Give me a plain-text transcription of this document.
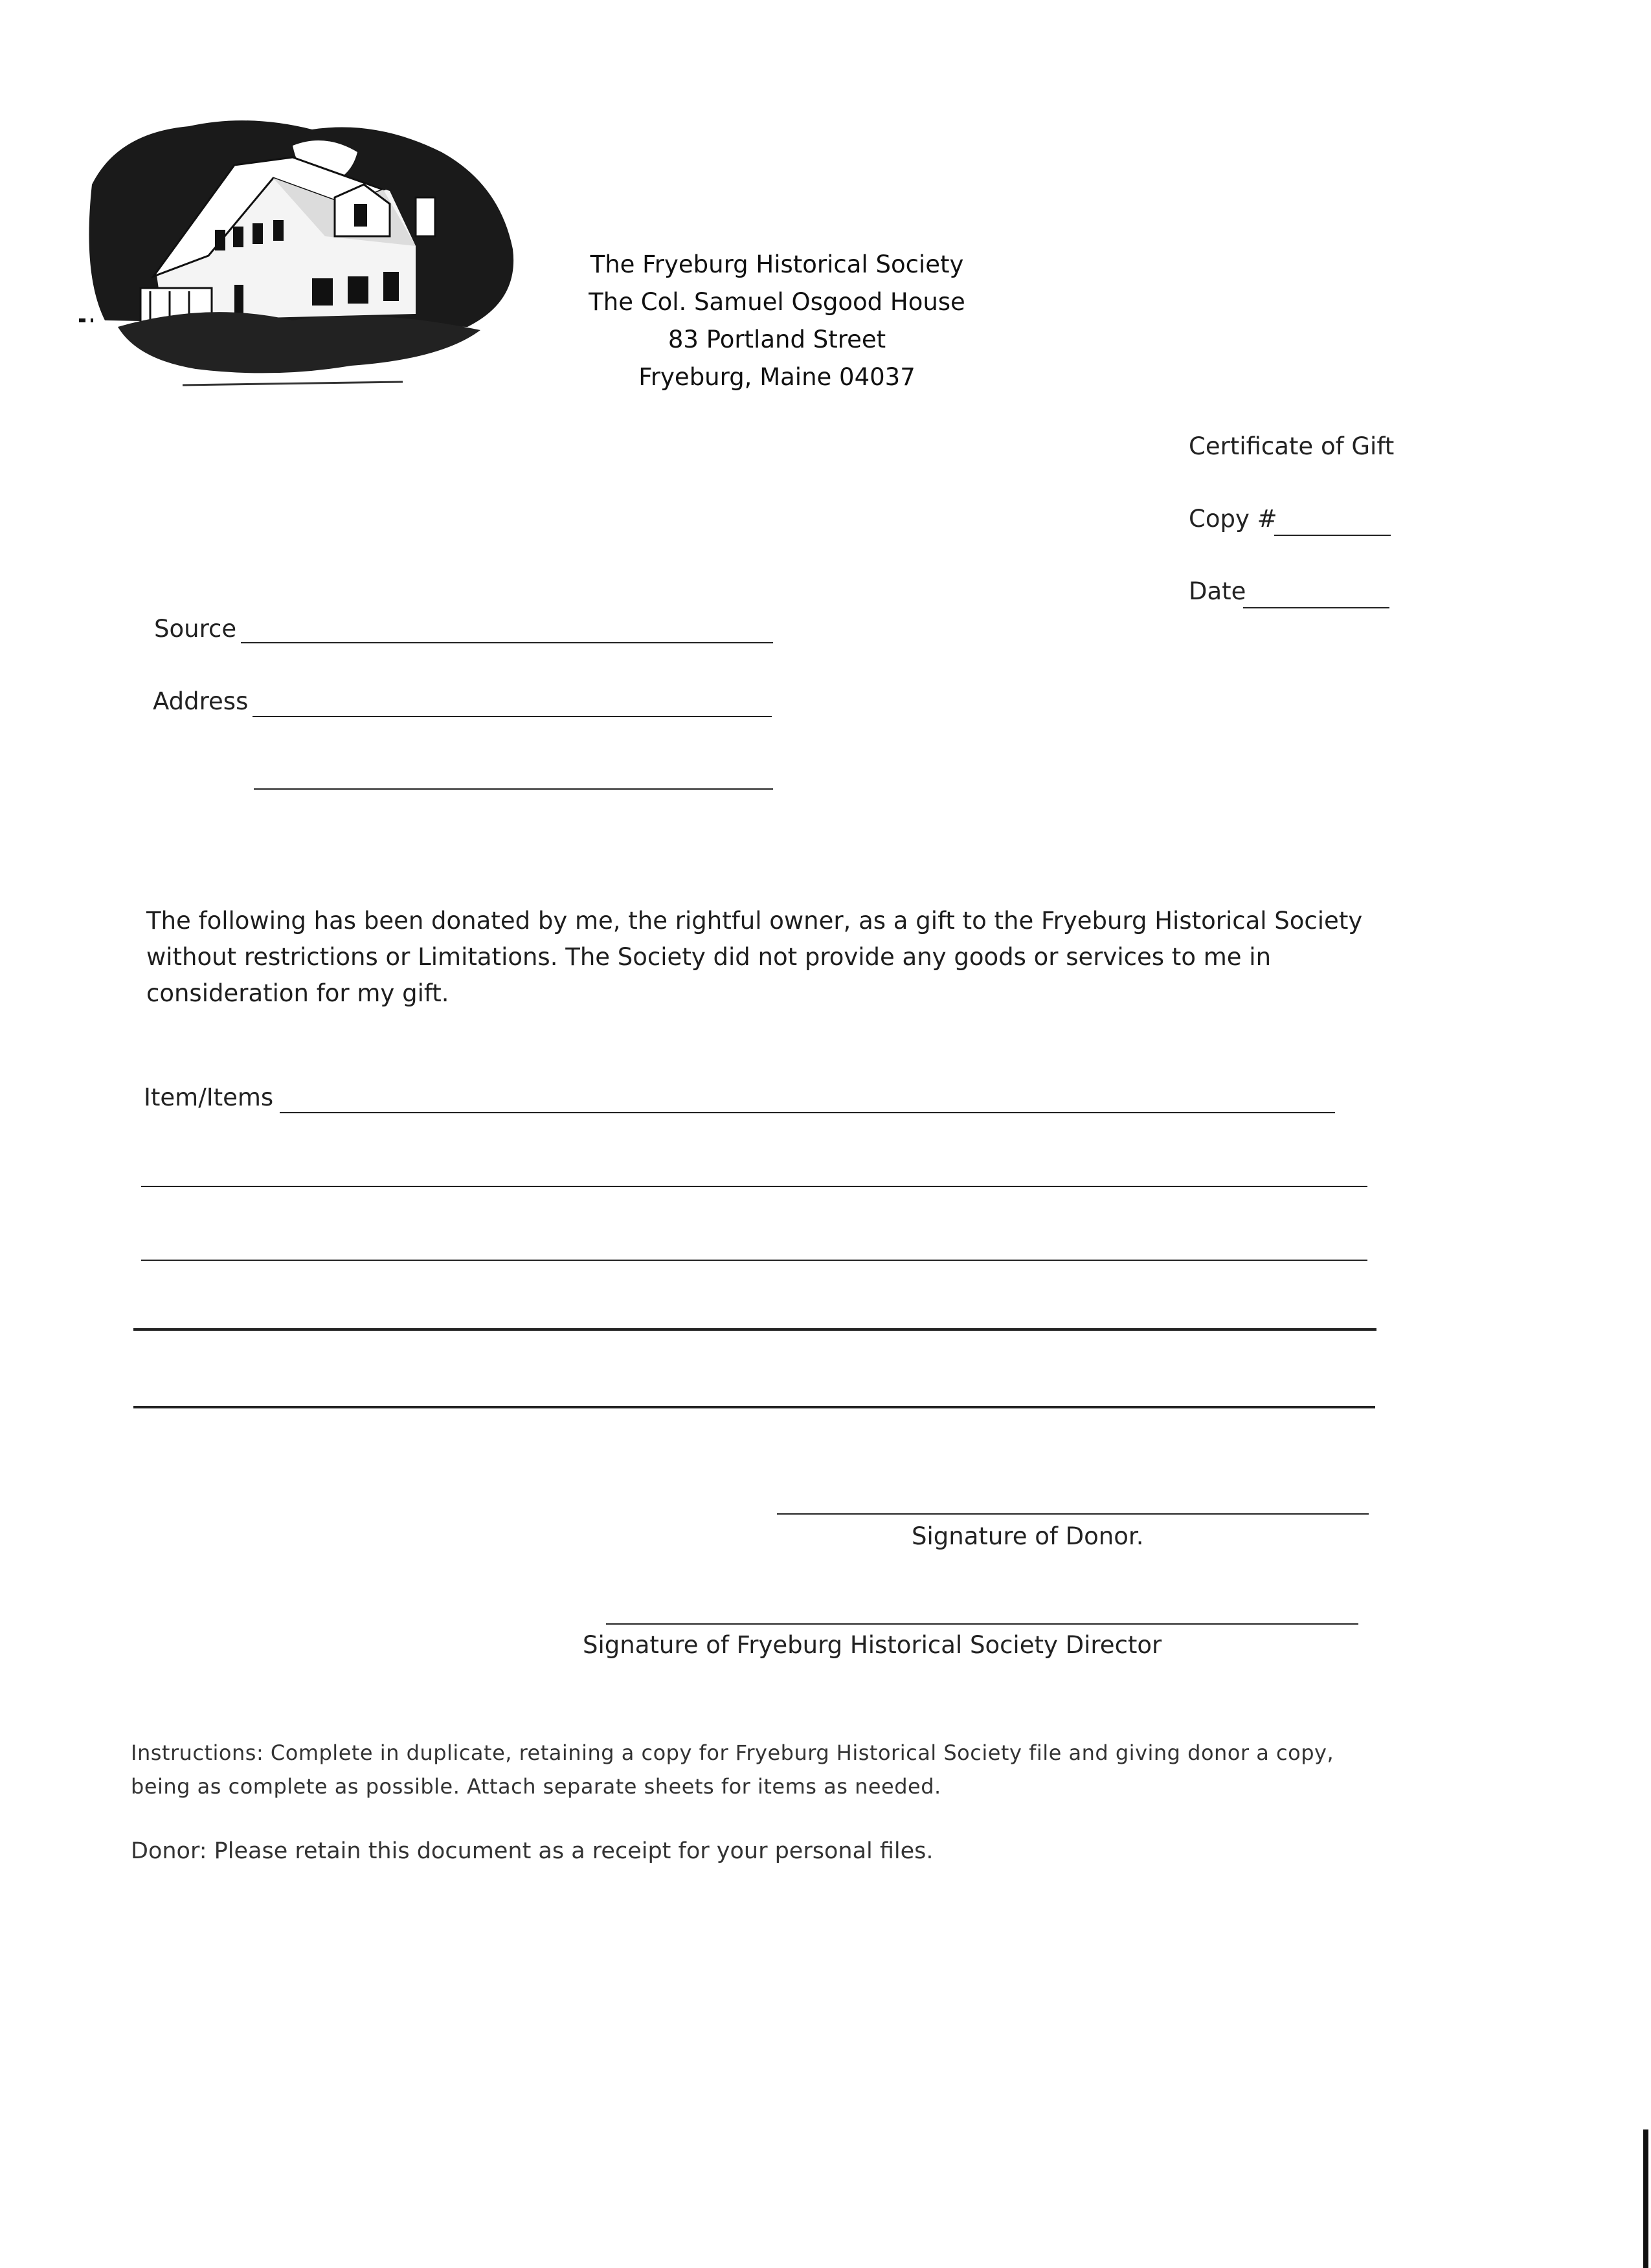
The Fryeburg Historical Society
The Col. Samuel Osgood House
83 Portland Street
Fryeburg, Maine 04037
Certificate of Gift
Copy #
Date
Source
Address
The following has been donated by me, the rightful owner, as a gift to the Fryeburg Historical Society without restrictions or Limitations. The Society did not provide any goods or services to me in consideration for my gift.
Item/Items
Signature of Donor.
Signature of Fryeburg Historical Society Director
Instructions: Complete in duplicate, retaining a copy for Fryeburg Historical Society file and giving donor a copy, being as complete as possible. Attach separate sheets for items as needed.
Donor: Please retain this document as a receipt for your personal files.
